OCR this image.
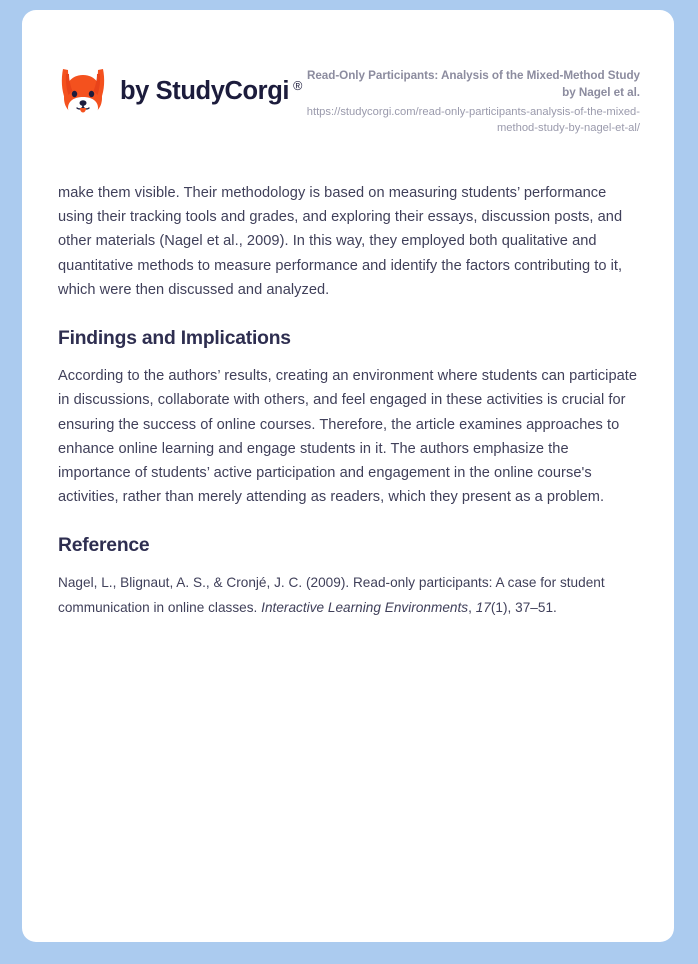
by StudyCorgi ®

Read-Only Participants: Analysis of the Mixed-Method Study by Nagel et al.

https://studycorgi.com/read-only-participants-analysis-of-the-mixed-method-study-by-nagel-et-al/

make them visible. Their methodology is based on measuring students’ performance using their tracking tools and grades, and exploring their essays, discussion posts, and other materials (Nagel et al., 2009). In this way, they employed both qualitative and quantitative methods to measure performance and identify the factors contributing to it, which were then discussed and analyzed.

Findings and Implications

According to the authors’ results, creating an environment where students can participate in discussions, collaborate with others, and feel engaged in these activities is crucial for ensuring the success of online courses. Therefore, the article examines approaches to enhance online learning and engage students in it. The authors emphasize the importance of students’ active participation and engagement in the online course's activities, rather than merely attending as readers, which they present as a problem.

Reference

Nagel, L., Blignaut, A. S., & Cronjé, J. C. (2009). Read-only participants: A case for student communication in online classes. Interactive Learning Environments, 17(1), 37–51.
